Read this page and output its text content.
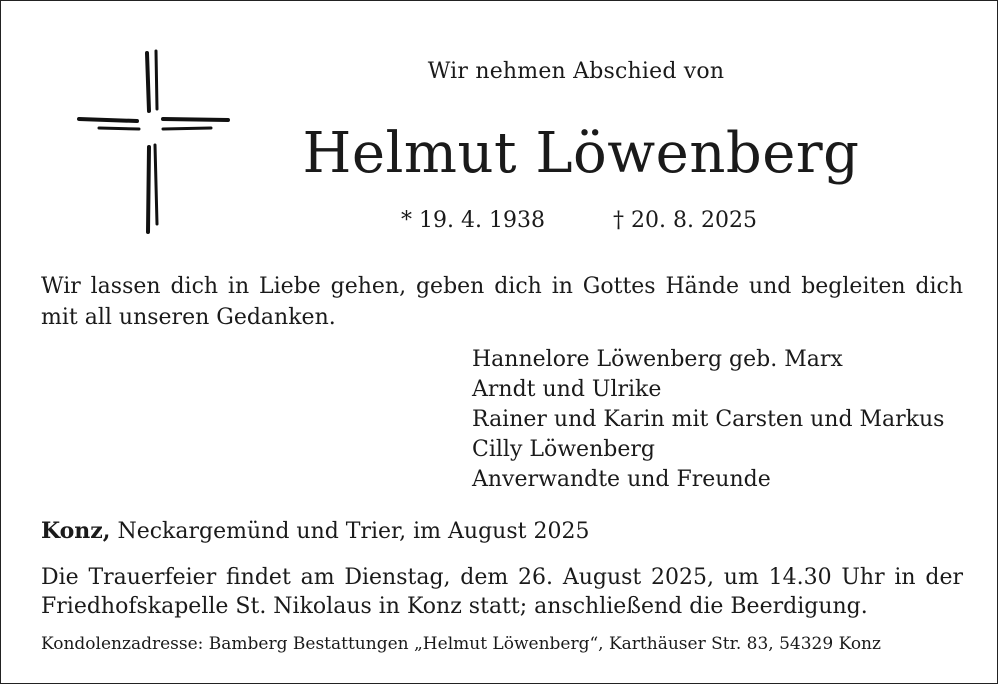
Wir nehmen Abschied von
Helmut Löwenberg
* 19. 4. 1938	† 20. 8. 2025
Wir lassen dich in Liebe gehen, geben dich in Gottes Hände und begleiten dich mit all unseren Gedanken.
Hannelore Löwenberg geb. Marx
Arndt und Ulrike
Rainer und Karin mit Carsten und Markus
Cilly Löwenberg
Anverwandte und Freunde
Konz, Neckargemünd und Trier, im August 2025
Die Trauerfeier findet am Dienstag, dem 26. August 2025, um 14.30 Uhr in der
Friedhofskapelle St. Nikolaus in Konz statt; anschließend die Beerdigung.
Kondolenzadresse: Bamberg Bestattungen „Helmut Löwenberg“, Karthäuser Str. 83, 54329 Konz
